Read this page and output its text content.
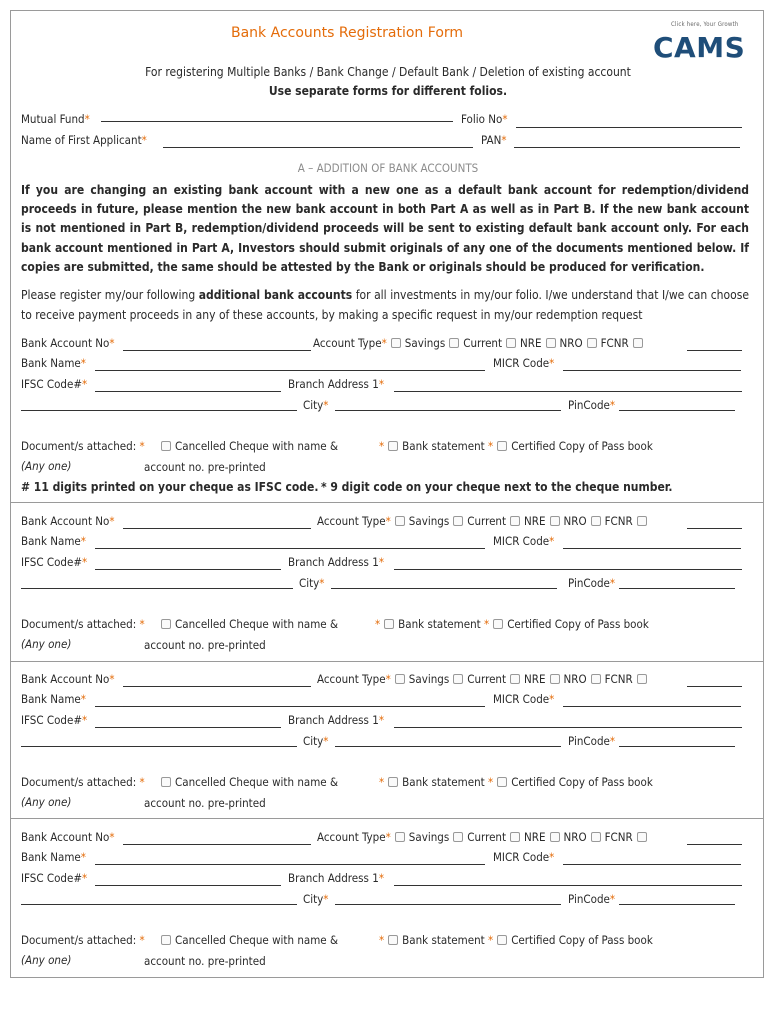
Bank Accounts Registration Form
Click here, Your Growth
CAMS
For registering Multiple Banks / Bank Change / Default Bank / Deletion of existing account
Use separate forms for different folios.
Mutual Fund*	Folio No*
Name of First Applicant*	PAN*
A – ADDITION OF BANK ACCOUNTS
If you are changing an existing bank account with a new one as a default bank account for redemption/dividend proceeds in future, please mention the new bank account in both Part A as well as in Part B. If the new bank account is not mentioned in Part B, redemption/dividend proceeds will be sent to existing default bank account only. For each bank account mentioned in Part A, Investors should submit originals of any one of the documents mentioned below. If copies are submitted, the same should be attested by the Bank or originals should be produced for verification.
Please register my/our following additional bank accounts for all investments in my/our folio. I/we understand that I/we can choose to receive payment proceeds in any of these accounts, by making a specific request in my/our redemption request
Bank Account No*	Account Type* Savings Current NRE NRO FCNR
Bank Name*	MICR Code*
IFSC Code#*	Branch Address 1*
City*	PinCode*
Document/s attached: *	Cancelled Cheque with name &	* Bank statement * Certified Copy of Pass book
(Any one)	account no. pre-printed
# 11 digits printed on your cheque as IFSC code. * 9 digit code on your cheque next to the cheque number.
Bank Account No*	Account Type* Savings Current NRE NRO FCNR
Bank Name*	MICR Code*
IFSC Code#*	Branch Address 1*
City*	PinCode*
Document/s attached: *	Cancelled Cheque with name &	* Bank statement * Certified Copy of Pass book
(Any one)	account no. pre-printed
Bank Account No*	Account Type* Savings Current NRE NRO FCNR
Bank Name*	MICR Code*
IFSC Code#*	Branch Address 1*
City*	PinCode*
Document/s attached: *	Cancelled Cheque with name &	* Bank statement * Certified Copy of Pass book
(Any one)	account no. pre-printed
Bank Account No*	Account Type* Savings Current NRE NRO FCNR
Bank Name*	MICR Code*
IFSC Code#*	Branch Address 1*
City*	PinCode*
Document/s attached: *	Cancelled Cheque with name &	* Bank statement * Certified Copy of Pass book
(Any one)	account no. pre-printed
